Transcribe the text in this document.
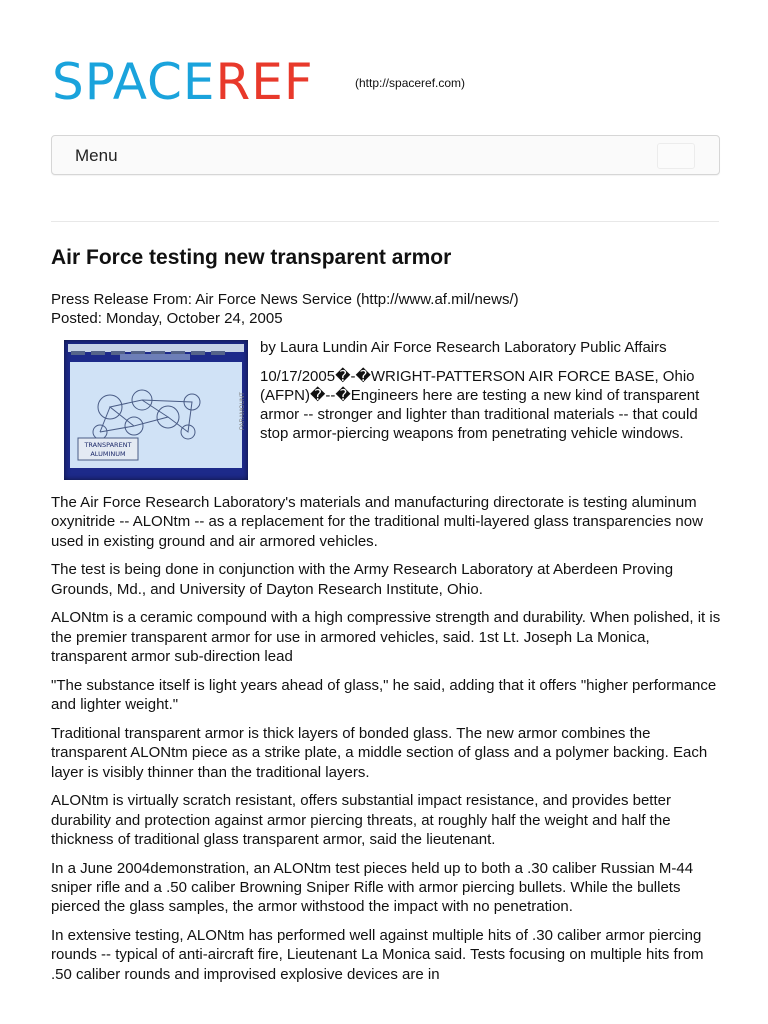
SPACEREF	(http://spaceref.com)
Menu
Air Force testing new transparent armor
Press Release From: Air Force News Service (http://www.af.mil/news/)
Posted: Monday, October 24, 2005
TRANSPARENT
ALUMINUM
PARAMOUNT

by Laura Lundin Air Force Research Laboratory Public Affairs

10/17/2005�-�WRIGHT-PATTERSON AIR FORCE BASE, Ohio (AFPN)�--�Engineers here are testing a new kind of transparent armor -- stronger and lighter than traditional materials -- that could stop armor-piercing weapons from penetrating vehicle windows.

The Air Force Research Laboratory's materials and manufacturing directorate is testing aluminum oxynitride -- ALONtm -- as a replacement for the traditional multi-layered glass transparencies now used in existing ground and air armored vehicles.

The test is being done in conjunction with the Army Research Laboratory at Aberdeen Proving Grounds, Md., and University of Dayton Research Institute, Ohio.

ALONtm is a ceramic compound with a high compressive strength and durability. When polished, it is the premier transparent armor for use in armored vehicles, said. 1st Lt. Joseph La Monica, transparent armor sub-direction lead

"The substance itself is light years ahead of glass," he said, adding that it offers "higher performance and lighter weight."

Traditional transparent armor is thick layers of bonded glass. The new armor combines the transparent ALONtm piece as a strike plate, a middle section of glass and a polymer backing. Each layer is visibly thinner than the traditional layers.

ALONtm is virtually scratch resistant, offers substantial impact resistance, and provides better durability and protection against armor piercing threats, at roughly half the weight and half the thickness of traditional glass transparent armor, said the lieutenant.

In a June 2004demonstration, an ALONtm test pieces held up to both a .30 caliber Russian M-44 sniper rifle and a .50 caliber Browning Sniper Rifle with armor piercing bullets. While the bullets pierced the glass samples, the armor withstood the impact with no penetration.

In extensive testing, ALONtm has performed well against multiple hits of .30 caliber armor piercing rounds -- typical of anti-aircraft fire, Lieutenant La Monica said. Tests focusing on multiple hits from .50 caliber rounds and improvised explosive devices are in
